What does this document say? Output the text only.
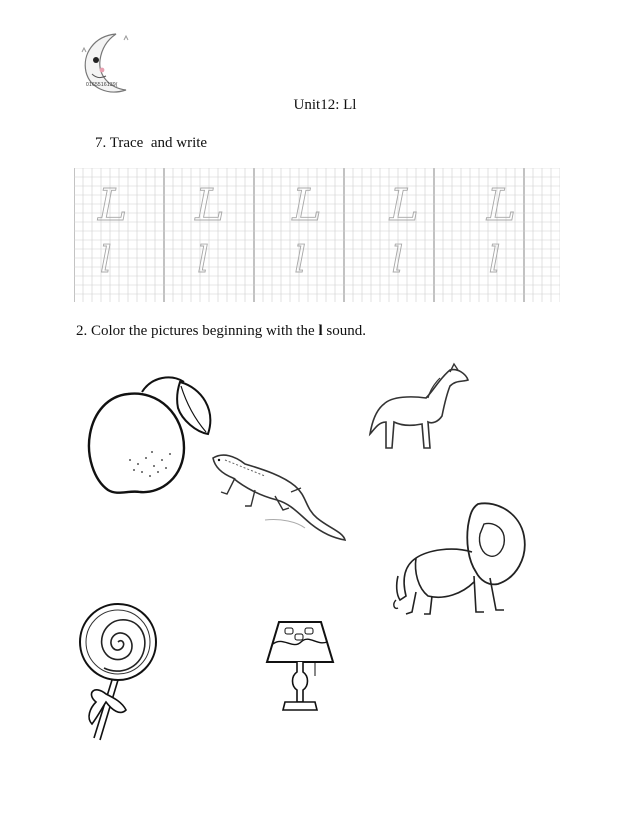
0165516139(
Unit12: Ll
7. Trace  and write
L L L L L
l l l l l
2. Color the pictures beginning with the l sound.
